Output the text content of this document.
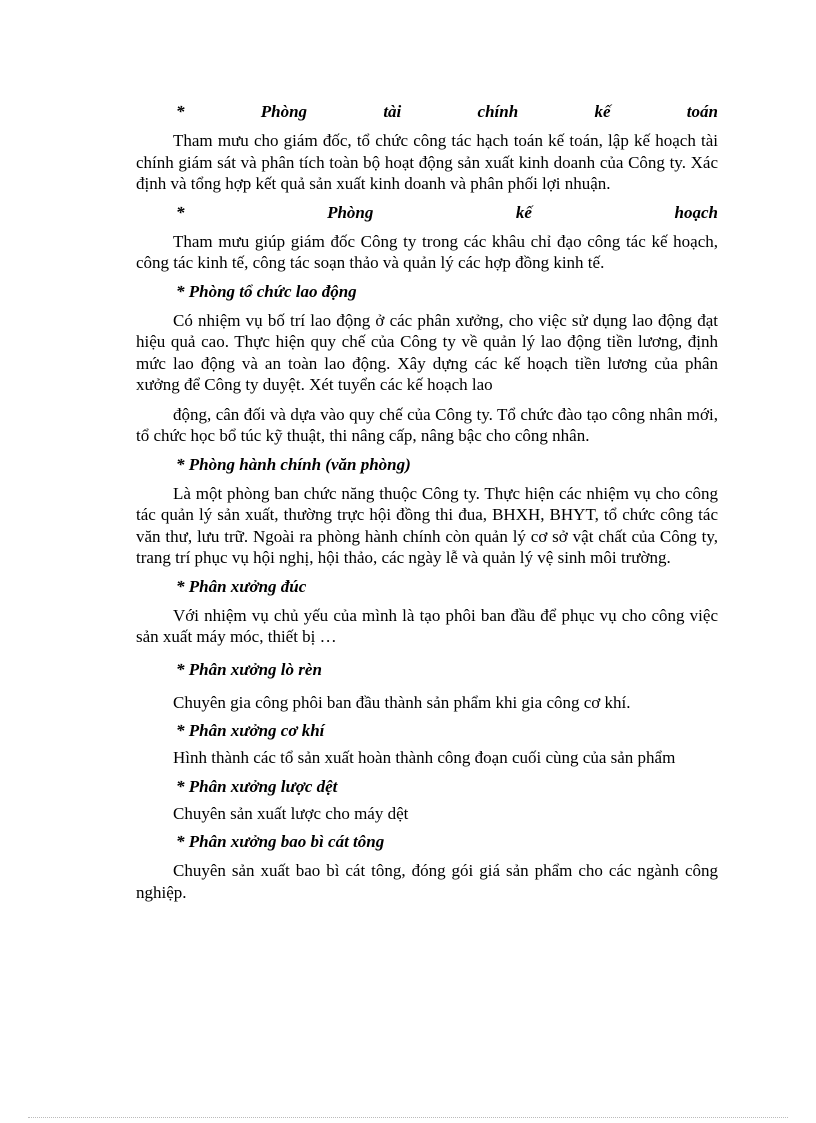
*	Phòng	tài	chính	kế	toán

Tham mưu cho giám đốc, tổ chức công tác hạch toán kế toán, lập kế hoạch tài chính giám sát và phân tích toàn bộ hoạt động sản xuất kinh doanh của Công ty. Xác định và tổng hợp kết quả sản xuất kinh doanh và phân phối lợi nhuận.

*	Phòng	kế	hoạch

Tham mưu giúp giám đốc Công ty trong các khâu chỉ đạo công tác kế hoạch, công tác kinh tế, công tác soạn thảo và quản lý các hợp đồng kinh tế.

* Phòng tổ chức lao động

Có nhiệm vụ bố trí lao động ở các phân xưởng, cho việc sử dụng lao động đạt hiệu quả cao. Thực hiện quy chế của Công ty về quản lý lao động tiền lương, định mức lao động và an toàn lao động. Xây dựng các kế hoạch tiền lương của phân xưởng để Công ty duyệt. Xét tuyển các kế hoạch lao

động, cân đối và dựa vào quy chế của Công ty. Tổ chức đào tạo công nhân mới, tổ chức học bổ túc kỹ thuật, thi nâng cấp, nâng bậc cho công nhân.

* Phòng hành chính (văn phòng)

Là một phòng ban chức năng thuộc Công ty. Thực hiện các nhiệm vụ cho công tác quản lý sản xuất, thường trực hội đồng thi đua, BHXH, BHYT, tổ chức công tác văn thư, lưu trữ. Ngoài ra phòng hành chính còn quản lý cơ sở vật chất của Công ty, trang trí phục vụ hội nghị, hội thảo, các ngày lễ và quản lý vệ sinh môi trường.

* Phân xưởng đúc

Với nhiệm vụ chủ yếu của mình là tạo phôi ban đầu để phục vụ cho công việc sản xuất máy móc, thiết bị …

* Phân xưởng lò rèn

Chuyên gia công phôi ban đầu thành sản phẩm khi gia công cơ khí.

* Phân xưởng cơ khí

Hình thành các tổ sản xuất hoàn thành công đoạn cuối cùng của sản phẩm

* Phân xưởng lược dệt

Chuyên sản xuất lược cho máy dệt

* Phân xưởng bao bì cát tông

Chuyên sản xuất bao bì cát tông, đóng gói giá sản phẩm cho các ngành công nghiệp.
